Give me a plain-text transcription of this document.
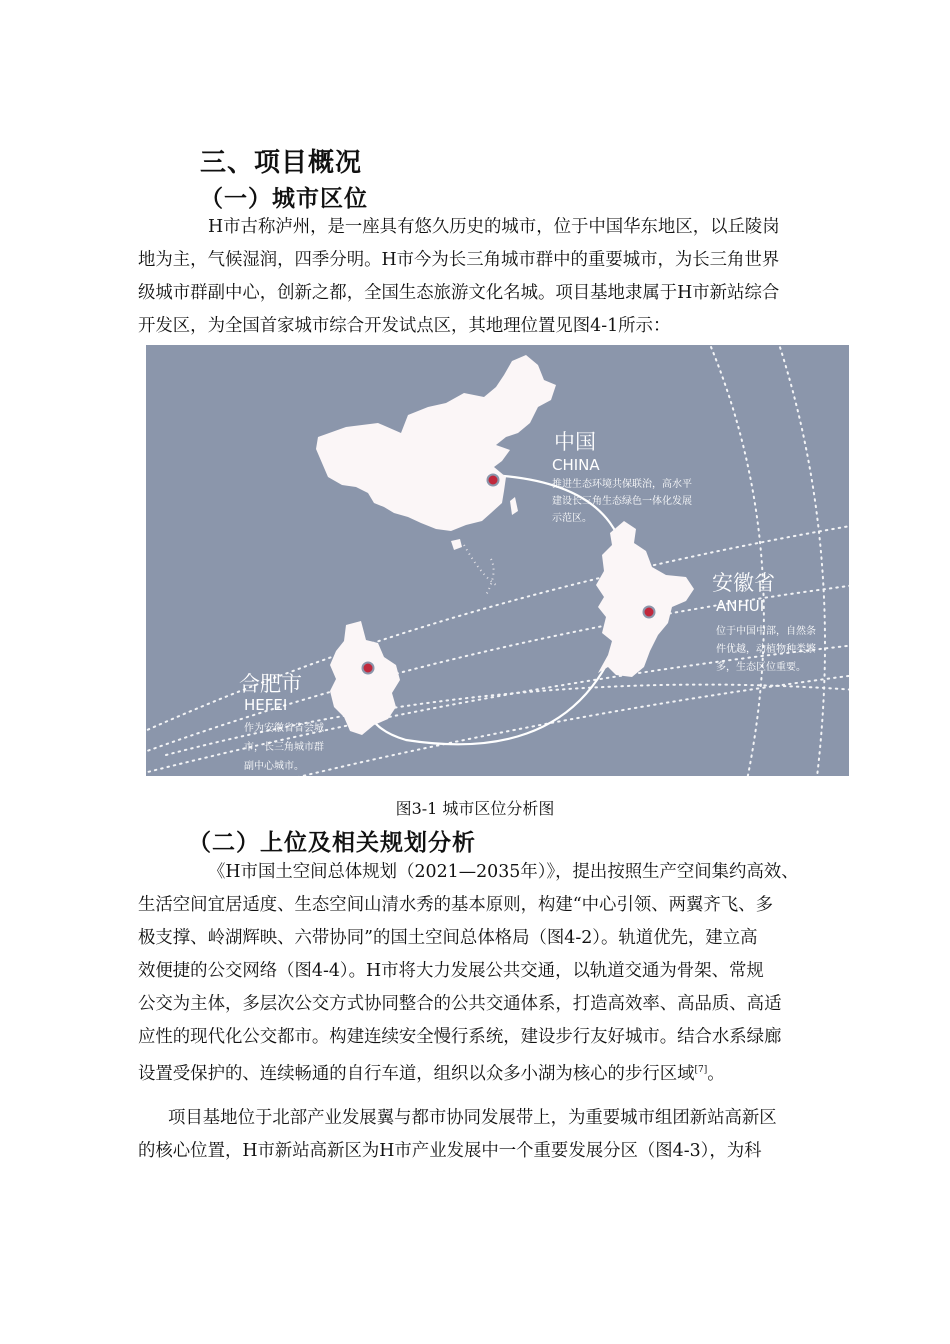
三、项目概况
（一）城市区位
H市古称泸州，是一座具有悠久历史的城市，位于中国华东地区，以丘陵岗
地为主，气候湿润，四季分明。H市今为长三角城市群中的重要城市，为长三角世界
级城市群副中心，创新之都，全国生态旅游文化名城。项目基地隶属于H市新站综合
开发区，为全国首家城市综合开发试点区，其地理位置见图4-1所示：
中国
CHINA
推进生态环境共保联治，高水平
建设长三角生态绿色一体化发展
示范区。
安徽省
ANHUI
位于中国中部，自然条
件优越，动植物种类繁
多，生态区位重要。
合肥市
HEFEI
作为安徽省省会城
市，长三角城市群
副中心城市。

图3-1 城市区位分析图

（二）上位及相关规划分析
《H市国土空间总体规划（2021—2035年）》，提出按照生产空间集约高效、
生活空间宜居适度、生态空间山清水秀的基本原则，构建“中心引领、两翼齐飞、多
极支撑、岭湖辉映、六带协同”的国土空间总体格局（图4-2）。轨道优先，建立高
效便捷的公交网络（图4-4）。H市将大力发展公共交通，以轨道交通为骨架、常规
公交为主体，多层次公交方式协同整合的公共交通体系，打造高效率、高品质、高适
应性的现代化公交都市。构建连续安全慢行系统，建设步行友好城市。结合水系绿廊
设置受保护的、连续畅通的自行车道，组织以众多小湖为核心的步行区域[7]。
项目基地位于北部产业发展翼与都市协同发展带上，为重要城市组团新站高新区
的核心位置，H市新站高新区为H市产业发展中一个重要发展分区（图4-3），为科
